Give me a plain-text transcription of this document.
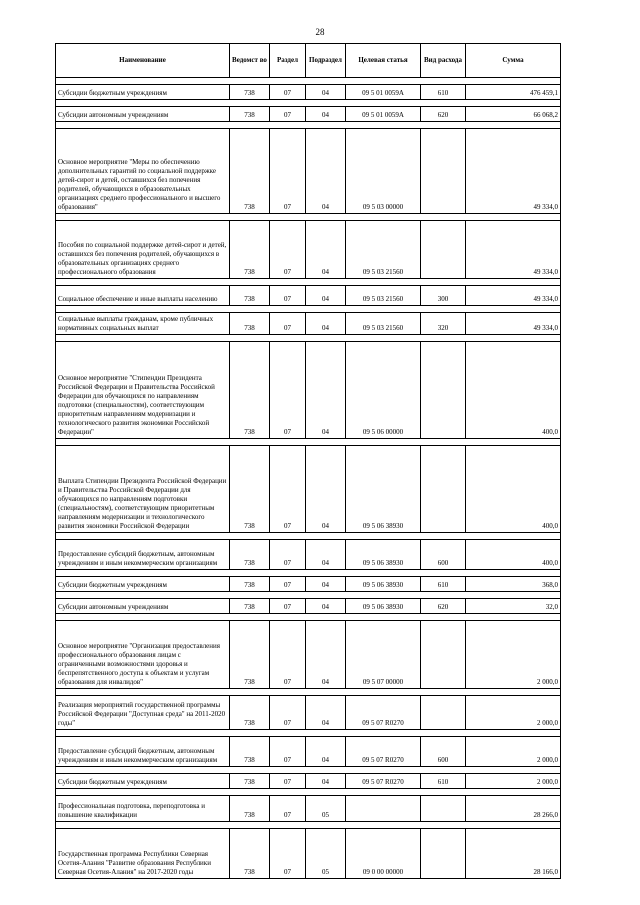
28
Наименование	Ведомст во	Раздел	Подраздел	Целевая статья	Вид расхода	Сумма

Субсидии бюджетным учреждениям	738	07	04	09 5 01 0059А	610	476 459,1

Субсидии автономным учреждениям	738	07	04	09 5 01 0059А	620	66 068,2

Основное мероприятие "Меры по обеспечению дополнительных гарантий по социальной поддержке детей-сирот и детей, оставшихся без попечения родителей, обучающихся в образовательных организациях среднего профессионального и высшего образования"	738	07	04	09 5 03 00000		49 334,0

Пособия по социальной поддержке детей-сирот и детей, оставшихся без попечения родителей, обучающихся в образовательных организациях среднего профессионального образования	738	07	04	09 5 03 21560		49 334,0

Социальное обеспечение и иные выплаты населению	738	07	04	09 5 03 21560	300	49 334,0

Социальные выплаты гражданам, кроме публичных нормативных социальных выплат	738	07	04	09 5 03 21560	320	49 334,0

Основное мероприятие "Стипендии Президента Российской Федерации и Правительства Российской Федерации для обучающихся по направлениям подготовки (специальностям), соответствующим приоритетным направлениям модернизации и технологического развития экономики Российской Федерации"	738	07	04	09 5 06 00000		400,0

Выплата Стипендии Президента Российской Федерации и Правительства Российской Федерации для обучающихся по направлениям подготовки (специальностям), соответствующим приоритетным направлениям модернизации и технологического развития экономики Российской Федерации	738	07	04	09 5 06 38930		400,0

Предоставление субсидий бюджетным, автономным учреждениям и иным некоммерческим организациям	738	07	04	09 5 06 38930	600	400,0

Субсидии бюджетным учреждениям	738	07	04	09 5 06 38930	610	368,0

Субсидии автономным учреждениям	738	07	04	09 5 06 38930	620	32,0

Основное мероприятие "Организация предоставления профессионального образования лицам с ограниченными возможностями здоровья и беспрепятственного доступа к объектам и услугам образования для инвалидов"	738	07	04	09 5 07 00000		2 000,0

Реализация мероприятий государственной программы Российской Федерации "Доступная среда" на 2011-2020 годы"	738	07	04	09 5 07 R0270		2 000,0

Предоставление субсидий бюджетным, автономным учреждениям и иным некоммерческим организациям	738	07	04	09 5 07 R0270	600	2 000,0

Субсидии бюджетным учреждениям	738	07	04	09 5 07 R0270	610	2 000,0

Профессиональная подготовка, переподготовка и повышение квалификации	738	07	05			28 266,0

Государственная программа Республики Северная Осетия-Алания "Развитие образования Республики Северная Осетия-Алания" на 2017-2020 годы	738	07	05	09 0 00 00000		28 166,0
